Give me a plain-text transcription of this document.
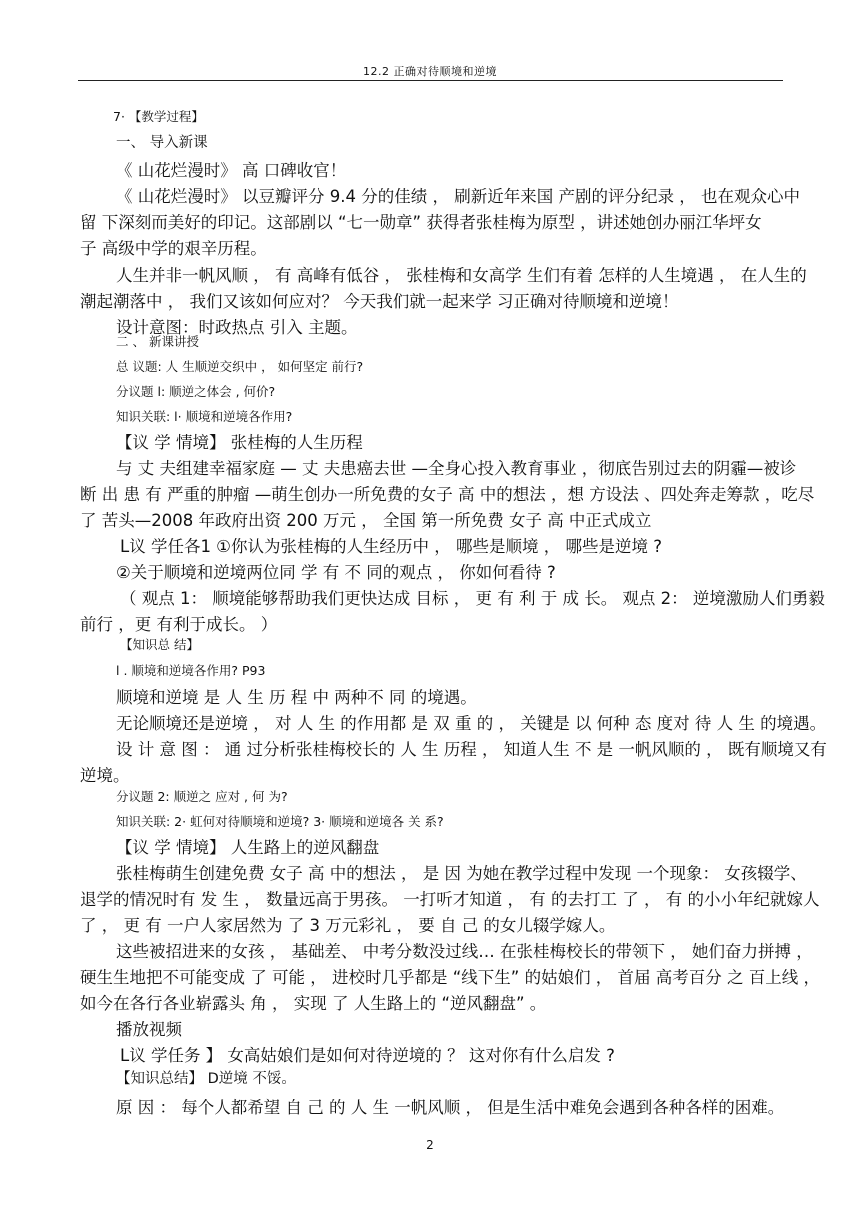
12.2 正确对待顺境和逆境
7· 【教学过程】
一、 导入新课
《 山花烂漫时》 高 口碑收官！
《 山花烂漫时》 以豆瓣评分 9.4 分的佳绩 ， 刷新近年来国 产剧的评分纪录 ， 也在观众心中
留 下深刻而美好的印记。这部剧以 “七一勋章” 获得者张桂梅为原型 ，讲述她创办丽江华坪女
子 高级中学的艰辛历程。
人生并非一帆风顺 ， 有 高峰有低谷 ， 张桂梅和女高学 生们有着 怎样的人生境遇 ， 在人生的
潮起潮落中 ， 我们又该如何应对？ 今天我们就一起来学 习正确对待顺境和逆境！
设计意图：时政热点 引入 主题。
二 、 新课讲授
总 议题: 人 生顺逆交织中 ， 如何坚定 前行?
分议题 l: 顺逆之体会 , 何价?
知识关联: l· 顺境和逆境各作用?
【议 学 情境】 张桂梅的人生历程
与 丈 夫组建幸福家庭 — 丈 夫患癌去世 —全身心投入教育事业 ，彻底告别过去的阴霾—被诊
断 出 患 有 严重的肿瘤 —萌生创办一所免费的女子 高 中的想法 ，想 方设法 、四处奔走筹款 ，吃尽
了 苦头—2008 年政府出资 200 万元 ， 全国 第一所免费 女子 高 中正式成立
L议 学任各1 ①你认为张桂梅的人生经历中 ， 哪些是顺境 ， 哪些是逆境 ?
②关于顺境和逆境两位同 学 有 不 同的观点 ， 你如何看待 ?
（ 观点 1： 顺境能够帮助我们更快达成 目标 ， 更 有 利 于 成 长。 观点 2： 逆境激励人们勇毅
前行 ，更 有利于成长。 ）
【知识总 结】
l . 顺境和逆境各作用? P93
顺境和逆境 是 人 生 历 程 中 两种不 同 的境遇。
无论顺境还是逆境 ， 对 人 生 的作用都 是 双 重 的 ， 关键是 以 何种 态 度对 待 人 生 的境遇。
设 计 意 图 ： 通 过分析张桂梅校长的 人 生 历程 ， 知道人生 不 是 一帆风顺的 ， 既有顺境又有
逆境。
分议题 2: 顺逆之 应对 , 何 为?
知识关联: 2· 虹何对待顺境和逆境? 3· 顺境和逆境各 关 系?
【议 学 情境】 人生路上的逆风翻盘
张桂梅萌生创建免费 女子 高 中的想法 ， 是 因 为她在教学过程中发现 一个现象： 女孩辍学、
退学的情况时有 发 生 ， 数量远高于男孩。 一打听才知道 ， 有 的去打工 了 ， 有 的小小年纪就嫁人
了 ， 更 有 一户人家居然为 了 3 万元彩礼 ， 要 自 己 的女儿辍学嫁人。
这些被招进来的女孩 ， 基础差、 中考分数没过线… 在张桂梅校长的带领下 ， 她们奋力拼搏 ，
硬生生地把不可能变成 了 可能 ， 进校时几乎都是 “线下生” 的姑娘们 ， 首届 高考百分 之 百上线 ，
如今在各行各业崭露头 角 ， 实现 了 人生路上的 “逆风翻盘” 。
播放视频
L议 学任务 】 女高姑娘们是如何对待逆境的 ？ 这对你有什么启发 ?
【知识总结】 D逆境 不馁。
原 因 ： 每个人都希望 自 己 的 人 生 一帆风顺 ， 但是生活中难免会遇到各种各样的困难。
2
